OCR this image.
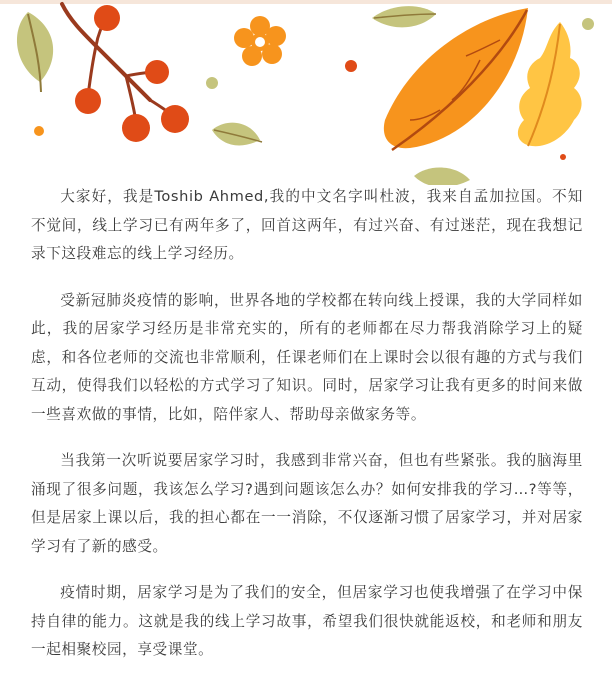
大家好，我是Toshib Ahmed,我的中文名字叫杜波，我来自孟加拉国。不知不觉间，线上学习已有两年多了，回首这两年，有过兴奋、有过迷茫，现在我想记录下这段难忘的线上学习经历。

受新冠肺炎疫情的影响，世界各地的学校都在转向线上授课，我的大学同样如此，我的居家学习经历是非常充实的，所有的老师都在尽力帮我消除学习上的疑虑，和各位老师的交流也非常顺利，任课老师们在上课时会以很有趣的方式与我们互动，使得我们以轻松的方式学习了知识。同时，居家学习让我有更多的时间来做一些喜欢做的事情，比如，陪伴家人、帮助母亲做家务等。

当我第一次听说要居家学习时，我感到非常兴奋，但也有些紧张。我的脑海里涌现了很多问题，我该怎么学习?遇到问题该怎么办？如何安排我的学习…?等等，但是居家上课以后，我的担心都在一一消除，不仅逐渐习惯了居家学习，并对居家学习有了新的感受。

疫情时期，居家学习是为了我们的安全，但居家学习也使我增强了在学习中保持自律的能力。这就是我的线上学习故事，希望我们很快就能返校，和老师和朋友一起相聚校园，享受课堂。
